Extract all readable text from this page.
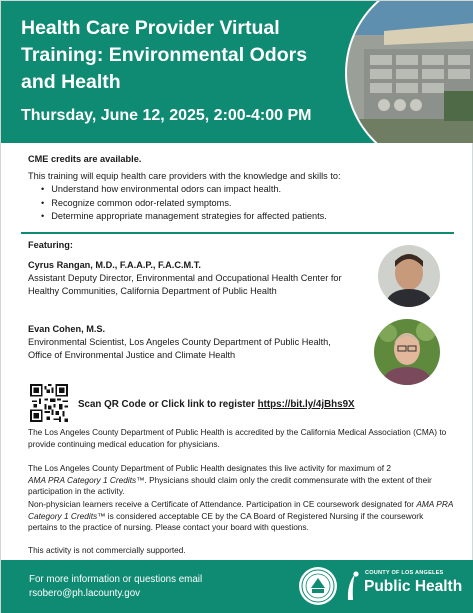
Health Care Provider Virtual Training: Environmental Odors and Health
Thursday, June 12, 2025, 2:00-4:00 PM
CME credits are available.
This training will equip health care providers with the knowledge and skills to:
• Understand how environmental odors can impact health.
• Recognize common odor-related symptoms.
• Determine appropriate management strategies for affected patients.
Featuring:
Cyrus Rangan, M.D., F.A.A.P., F.A.C.M.T.
Assistant Deputy Director, Environmental and Occupational Health Center for
Healthy Communities, California Department of Public Health
Evan Cohen, M.S.
Environmental Scientist, Los Angeles County Department of Public Health,
Office of Environmental Justice and Climate Health
Scan QR Code or Click link to register https://bit.ly/4jBhs9X
The Los Angeles County Department of Public Health is accredited by the California Medical Association (CMA) to provide continuing medical education for physicians.
The Los Angeles County Department of Public Health designates this live activity for maximum of 2
AMA PRA Category 1 Credits™. Physicians should claim only the credit commensurate with the extent of their participation in the activity.
Non-physician learners receive a Certificate of Attendance. Participation in CE coursework designated for AMA PRA Category 1 Credits™ is considered acceptable CE by the CA Board of Registered Nursing if the coursework pertains to the practice of nursing. Please contact your board with questions.
This activity is not commercially supported.
For more information or questions email
rsobero@ph.lacounty.gov
COUNTY OF LOS ANGELES
Public Health
